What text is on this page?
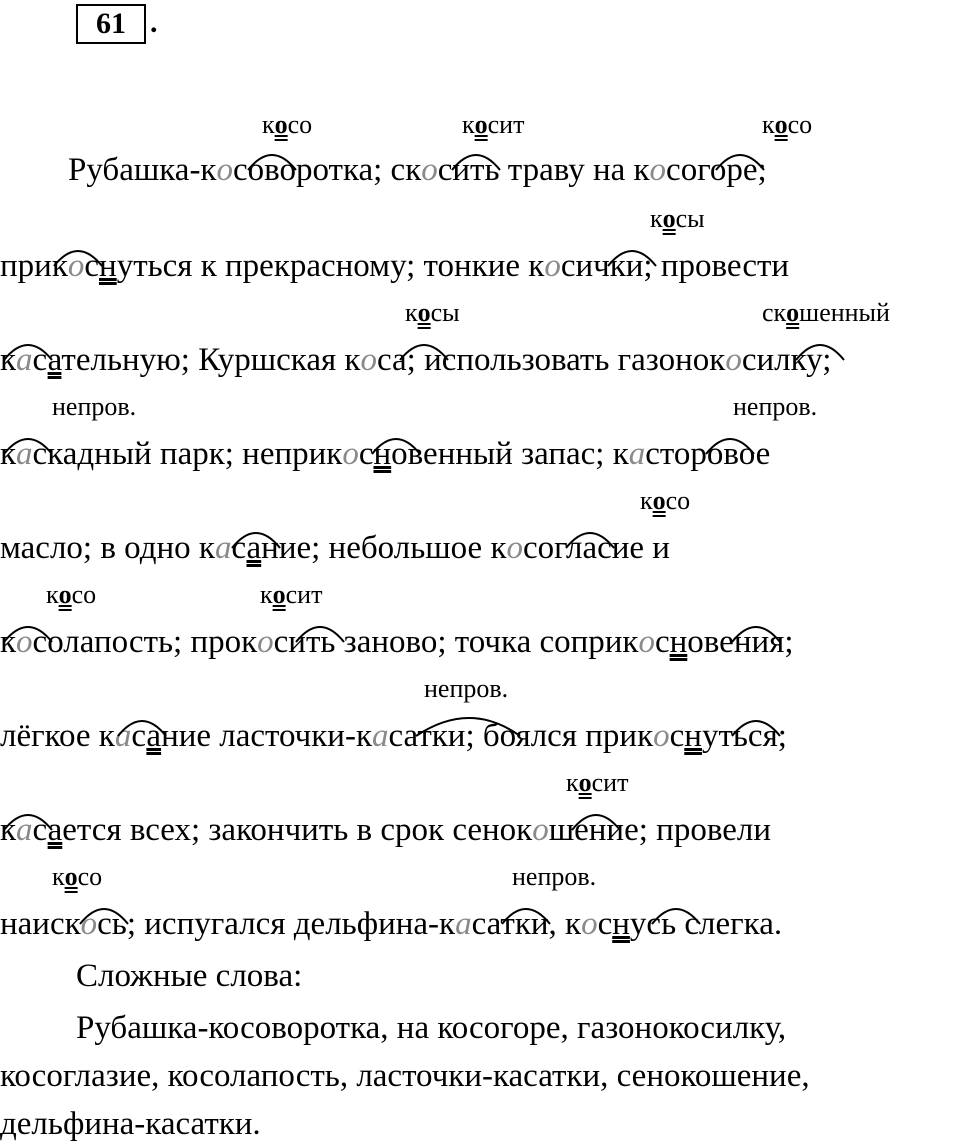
61 .
косо	косит	косо
Рубашка-косоворотка; скосить траву на косогоре;
косы
прикоснуться к прекрасному; тонкие косички; провести
косы	скошенный
касательную; Куршская коса; использовать газонокосилку;
непров.	непров.
каскадный парк; неприкосновенный запас; касторовое
косо
масло; в одно касание; небольшое косогласие и
косо	косит
косолапость; прокосить заново; точка соприкосновения;
непров.
лёгкое касание ласточки-касатки; боялся прикоснуться;
косит
касается всех; закончить в срок сенокошение; провели
косо	непров.
наискось; испугался дельфина-касатки, коснусь слегка.
Сложные слова:
Рубашка-косоворотка, на косогоре, газонокосилку,
косоглазие, косолапость, ласточки-касатки, сенокошение,
дельфина-касатки.
